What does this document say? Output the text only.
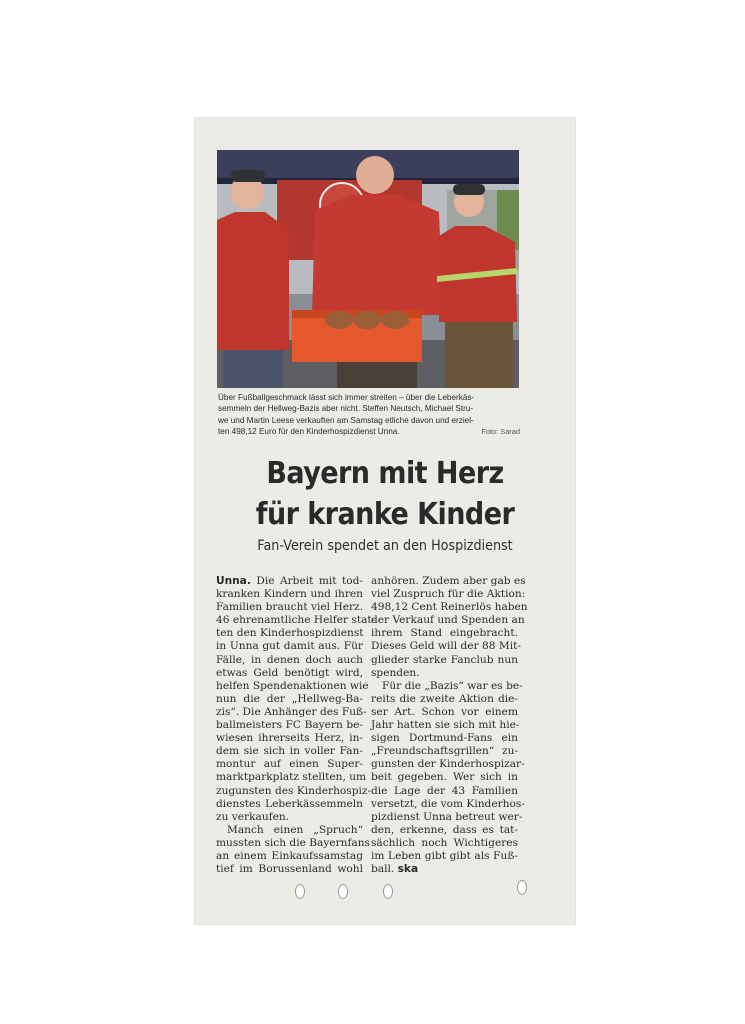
Über Fußballgeschmack lässt sich immer streiten – über die Leberkäs-
semmeln der Hellweg-Bazis aber nicht. Steffen Neutsch, Michael Stru-
we und Martin Leese verkauften am Samstag etliche davon und erziel-
ten 498,12 Euro für den Kinderhospizdienst Unna.	Foto: Sarad
Bayern mit Herz
für kranke Kinder
Fan-Verein spendet an den Hospizdienst
Unna. Die Arbeit mit tod-
kranken Kindern und ihren
Familien braucht viel Herz.
46 ehrenamtliche Helfer stat-
ten den Kinderhospizdienst
in Unna gut damit aus. Für
Fälle, in denen doch auch
etwas Geld benötigt wird,
helfen Spendenaktionen wie
nun die der „Hellweg-Ba-
zis“. Die Anhänger des Fuß-
ballmeisters FC Bayern be-
wiesen ihrerseits Herz, in-
dem sie sich in voller Fan-
montur auf einen Super-
marktparkplatz stellten, um
zugunsten des Kinderhospiz-
dienstes Leberkässemmeln
zu verkaufen.
Manch einen „Spruch“
mussten sich die Bayernfans
an einem Einkaufssamstag
tief im Borussenland wohl
anhören. Zudem aber gab es
viel Zuspruch für die Aktion:
498,12 Cent Reinerlös haben
der Verkauf und Spenden an
ihrem Stand eingebracht.
Dieses Geld will der 88 Mit-
glieder starke Fanclub nun
spenden.
Für die „Bazis“ war es be-
reits die zweite Aktion die-
ser Art. Schon vor einem
Jahr hatten sie sich mit hie-
sigen Dortmund-Fans ein
„Freundschaftsgrillen“ zu-
gunsten der Kinderhospizar-
beit gegeben. Wer sich in
die Lage der 43 Familien
versetzt, die vom Kinderhos-
pizdienst Unna betreut wer-
den, erkenne, dass es tat-
sächlich noch Wichtigeres
im Leben gibt gibt als Fuß-
ball. ska
